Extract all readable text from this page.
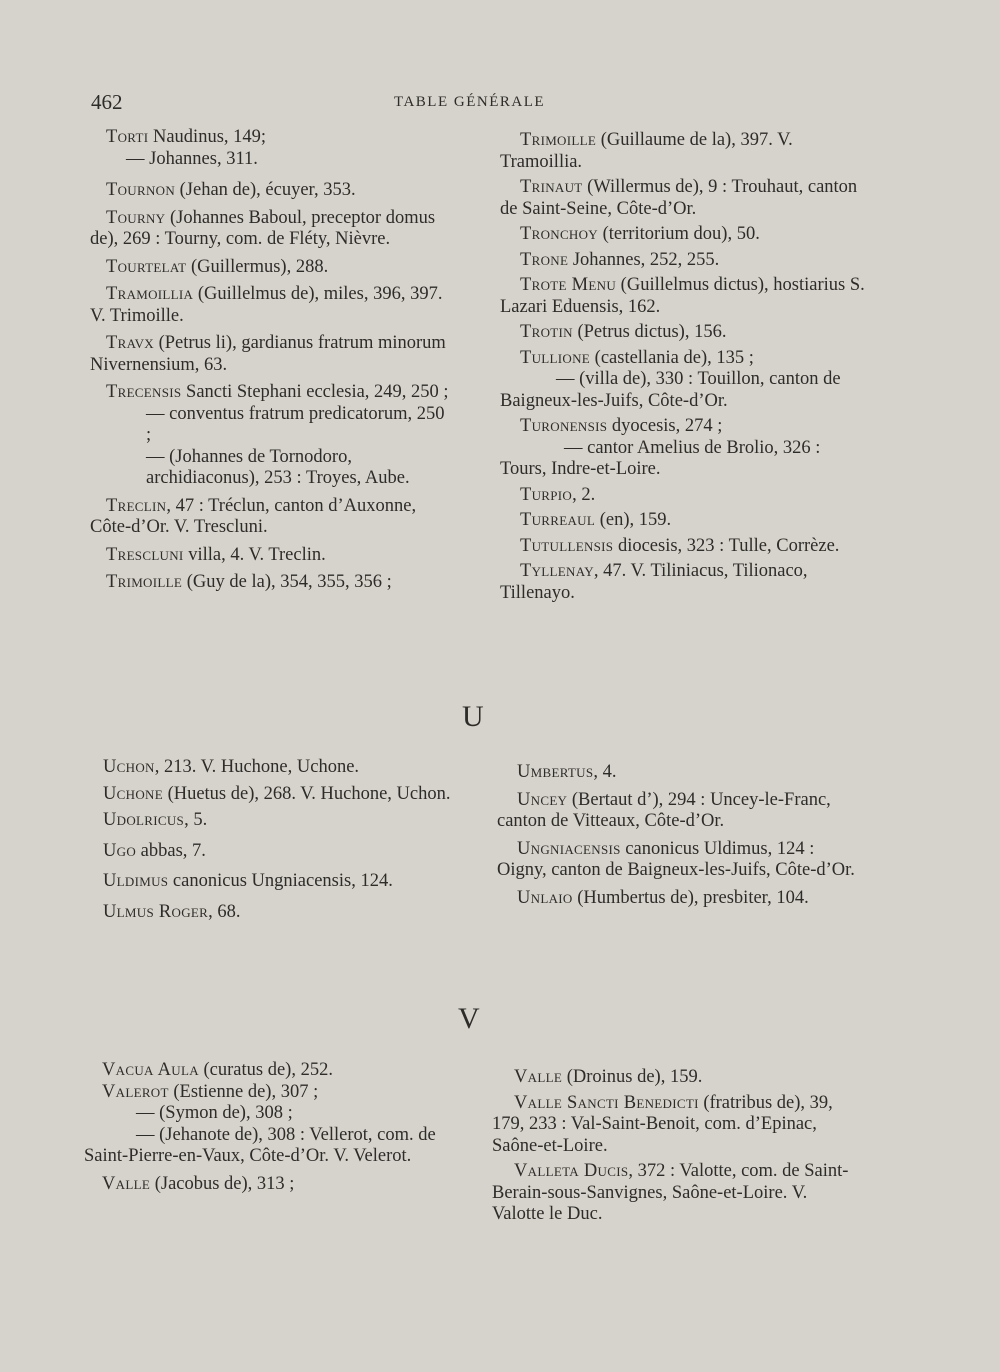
462	TABLE GÉNÉRALE
Torti Naudinus, 149;
— Johannes, 311.
Tournon (Jehan de), écuyer, 353.
Tourny (Johannes Baboul, preceptor domus de), 269 : Tourny, com. de Fléty, Nièvre.
Tourtelat (Guillermus), 288.
Tramoillia (Guillelmus de), miles, 396, 397. V. Trimoille.
Travx (Petrus li), gardianus fratrum minorum Nivernensium, 63.
Trecensis Sancti Stephani ecclesia, 249, 250 ;
— conventus fratrum predicatorum, 250 ;
— (Johannes de Tornodoro, archidiaconus), 253 : Troyes, Aube.
Treclin, 47 : Tréclun, canton d’Auxonne, Côte-d’Or. V. Trescluni.
Trescluni villa, 4. V. Treclin.
Trimoille (Guy de la), 354, 355, 356 ;
Trimoille (Guillaume de la), 397. V. Tramoillia.
Trinaut (Willermus de), 9 : Trouhaut, canton de Saint-Seine, Côte-d’Or.
Tronchoy (territorium dou), 50.
Trone Johannes, 252, 255.
Trote Menu (Guillelmus dictus), hostiarius S. Lazari Eduensis, 162.
Trotin (Petrus dictus), 156.
Tullione (castellania de), 135 ;
— (villa de), 330 : Touillon, canton de Baigneux-les-Juifs, Côte-d’Or.
Turonensis dyocesis, 274 ;
— cantor Amelius de Brolio, 326 : Tours, Indre-et-Loire.
Turpio, 2.
Turreaul (en), 159.
Tutullensis diocesis, 323 : Tulle, Corrèze.
Tyllenay, 47. V. Tiliniacus, Tilionaco, Tillenayo.
U
Uchon, 213. V. Huchone, Uchone.
Uchone (Huetus de), 268. V. Huchone, Uchon.
Udolricus, 5.
Ugo abbas, 7.
Uldimus canonicus Ungniacensis, 124.
Ulmus Roger, 68.
Umbertus, 4.
Uncey (Bertaut d’), 294 : Uncey-le-Franc, canton de Vitteaux, Côte-d’Or.
Ungniacensis canonicus Uldimus, 124 : Oigny, canton de Baigneux-les-Juifs, Côte-d’Or.
Unlaio (Humbertus de), presbiter, 104.
V
Vacua Aula (curatus de), 252.
Valerot (Estienne de), 307 ;
— (Symon de), 308 ;
— (Jehanote de), 308 : Vellerot, com. de Saint-Pierre-en-Vaux, Côte-d’Or. V. Velerot.
Valle (Jacobus de), 313 ;
Valle (Droinus de), 159.
Valle Sancti Benedicti (fratribus de), 39, 179, 233 : Val-Saint-Benoit, com. d’Epinac, Saône-et-Loire.
Valleta Ducis, 372 : Valotte, com. de Saint-Berain-sous-Sanvignes, Saône-et-Loire. V. Valotte le Duc.
